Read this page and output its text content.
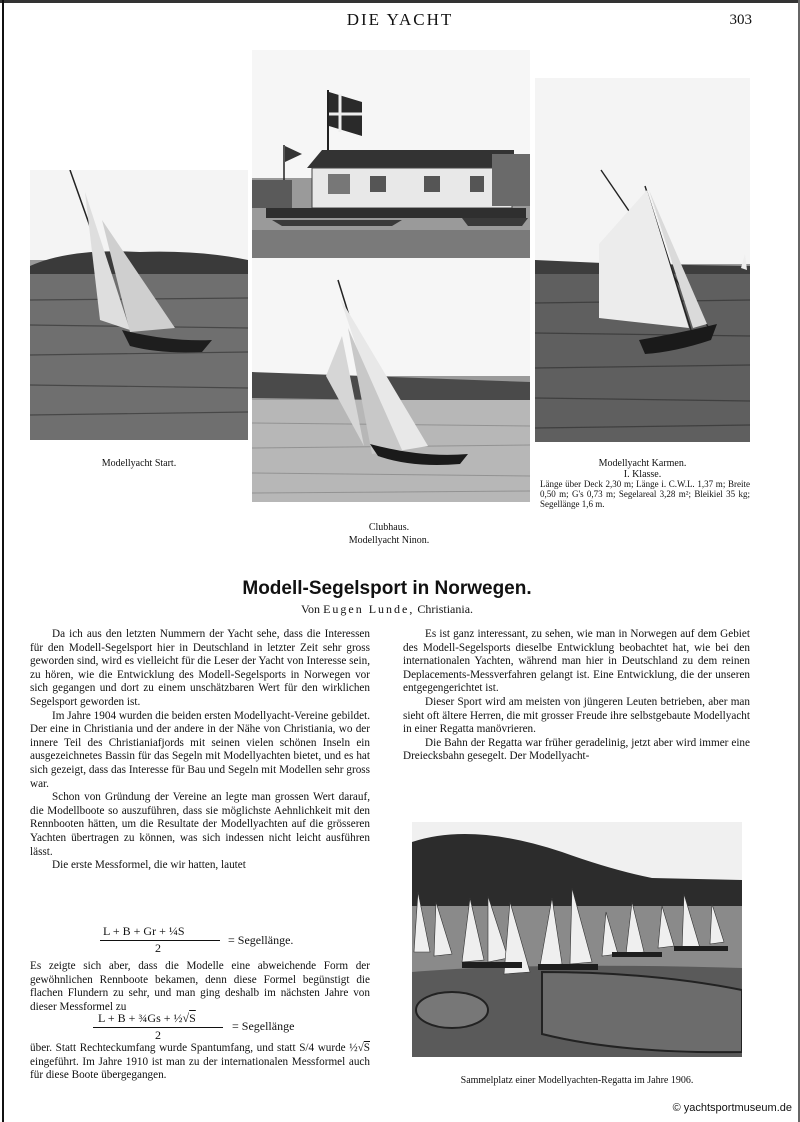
DIE YACHT	303
Modellyacht Start.
Clubhaus.
Modellyacht Ninon.
Modellyacht Karmen.
I. Klasse.
Länge über Deck 2,30 m; Länge i. C.W.L. 1,37 m; Breite 0,50 m; G's 0,73 m; Segelareal 3,28 m²; Bleikiel 35 kg; Segellänge 1,6 m.
Modell-Segelsport in Norwegen.
Von Eugen Lunde, Christiania.

Da ich aus den letzten Nummern der Yacht sehe, dass die Interessen für den Modell-Segelsport hier in Deutschland in letzter Zeit sehr gross geworden sind, wird es vielleicht für die Leser der Yacht von Interesse sein, zu hören, wie die Entwicklung des Modell-Segelsports in Norwegen vor sich gegangen und dort zu einem unschätzbaren Wert für den wirklichen Segelsport geworden ist.

Im Jahre 1904 wurden die beiden ersten Modellyacht-Vereine gebildet. Der eine in Christiania und der andere in der Nähe von Christiania, wo der innere Teil des Christianiafjords mit seinen vielen schönen Inseln ein ausgezeichnetes Bassin für das Segeln mit Modellyachten bietet, und es hat sich gezeigt, dass das Interesse für Bau und Segeln mit Modellen sehr gross war.

Schon von Gründung der Vereine an legte man grossen Wert darauf, die Modellboote so auszuführen, dass sie möglichste Aehnlichkeit mit den Rennbooten hätten, um die Resultate der Modellyachten auf die grösseren Yachten übertragen zu können, was sich indessen nicht leicht ausführen lässt.

Die erste Messformel, die wir hatten, lautet

L + B + Gr + ¼S
2
= Segellänge.

Es zeigte sich aber, dass die Modelle eine abweichende Form der gewöhnlichen Rennboote bekamen, denn diese Formel begünstigt die flachen Flundern zu sehr, und man ging deshalb im nächsten Jahre von dieser Messformel zu

L + B + ¾Gs + ½√S
2
= Segellänge

über. Statt Rechteckumfang wurde Spantumfang, und statt S/4 wurde ½√S eingeführt. Im Jahre 1910 ist man zu der internationalen Messformel auch für diese Boote übergegangen.

Es ist ganz interessant, zu sehen, wie man in Norwegen auf dem Gebiet des Modell-Segelsports dieselbe Entwicklung beobachtet hat, wie bei den internationalen Yachten, während man hier in Deutschland zu dem reinen Deplacements-Messverfahren gelangt ist. Eine Entwicklung, die der unseren entgegengerichtet ist.

Dieser Sport wird am meisten von jüngeren Leuten betrieben, aber man sieht oft ältere Herren, die mit grosser Freude ihre selbstgebaute Modellyacht in einer Regatta manövrieren.

Die Bahn der Regatta war früher geradelinig, jetzt aber wird immer eine Dreiecksbahn gesegelt. Der Modellyacht-

Sammelplatz einer Modellyachten-Regatta im Jahre 1906.
© yachtsportmuseum.de
